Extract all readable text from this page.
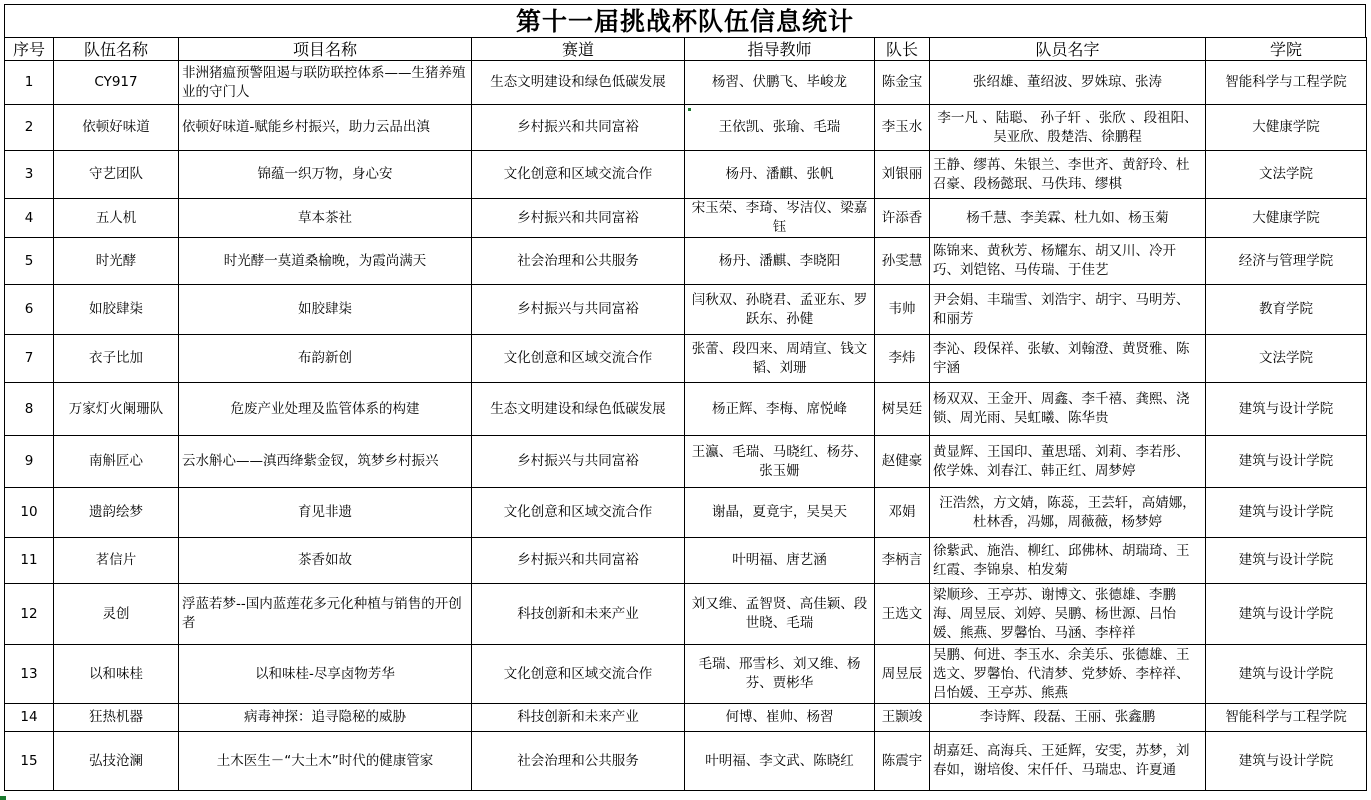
第十一届挑战杯队伍信息统计
序号	队伍名称	项目名称	赛道	指导教师	队长	队员名字	学院
1	CY917	非洲猪瘟预警阻遏与联防联控体系——生猪养殖业的守门人	生态文明建设和绿色低碳发展	杨習、伏鹏飞、毕峻龙	陈金宝	张绍雄、董绍波、罗姝琼、张涛	智能科学与工程学院
2	依顿好味道	依顿好味道-赋能乡村振兴，助力云品出滇	乡村振兴和共同富裕	王依凯、张瑜、毛瑞	李玉水	李一凡 、陆聪、 孙子轩 、张欣 、段祖阳、吴亚欣、殷楚浩、徐鹏程	大健康学院
3	守艺团队	锦蕴一织万物，身心安	文化创意和区域交流合作	杨丹、潘麒、张帆	刘银丽	王静、缪苒、朱银兰、李世齐、黄舒玲、杜召豪、段杨懿珉、马佚玮、缪棋	文法学院
4	五人机	草本茶社	乡村振兴和共同富裕	宋玉荣、李琦、岑洁仪、梁嘉钰	许添香	杨千慧、李美霖、杜九如、杨玉菊	大健康学院
5	时光酵	时光酵一莫道桑榆晚，为霞尚满天	社会治理和公共服务	杨丹、潘麒、李晓阳	孙雯慧	陈锦来、黄秋芳、杨耀东、胡又川、冷开巧、刘铠铭、马传瑞、于佳艺	经济与管理学院
6	如胶肆柒	如胶肆柒	乡村振兴与共同富裕	闫秋双、孙晓君、孟亚东、罗跃东、孙健	韦帅	尹会娟、丰瑞雪、刘浩宇、胡宇、马明芳、和丽芳	教育学院
7	衣子比加	布韵新创	文化创意和区域交流合作	张蕾、段四来、周靖宣、钱文韬、刘珊	李炜	李沁、段保祥、张敏、刘翰澄、黄贤雅、陈宇涵	文法学院
8	万家灯火阑珊队	危废产业处理及监管体系的构建	生态文明建设和绿色低碳发展	杨正辉、李梅、席悦峰	树昊廷	杨双双、王金开、周鑫、李千禧、龚熙、浇锁、周光雨、吴虹曦、陈华贵	建筑与设计学院
9	南斛匠心	云水斛心——滇西绛紫金钗，筑梦乡村振兴	乡村振兴与共同富裕	王瀛、毛瑞、马晓红、杨芬、张玉姗	赵健豪	黄显辉、王国印、董思瑶、刘莉、李若彤、侬学姝、刘春江、韩正红、周梦婷	建筑与设计学院
10	遗韵绘梦	育见非遗	文化创意和区域交流合作	谢晶，夏竟宇，吴昊天	邓娟	汪浩然，方文婧，陈蕊，王芸轩，高婧娜，杜林香，冯娜，周薇薇，杨梦婷	建筑与设计学院
11	茗信片	茶香如故	乡村振兴和共同富裕	叶明福、唐艺涵	李柄言	徐紫武、施浩、柳红、邱佛林、胡瑞琦、王红霞、李锦泉、柏发菊	建筑与设计学院
12	灵创	浮蓝若梦--国内蓝莲花多元化种植与销售的开创者	科技创新和未来产业	刘又维、孟智贤、高佳颖、段世晓、毛瑞	王选文	梁顺珍、王亭苏、谢博文、张德雄、李鹏海、周昱辰、刘婷、吴鹏、杨世源、吕怡媛、熊燕、罗馨怡、马涵、李梓祥	建筑与设计学院
13	以和味桂	以和味桂-尽享卤物芳华	文化创意和区域交流合作	毛瑞、邢雪杉、刘又维、杨芬、贾彬华	周昱辰	吴鹏、何进、李玉水、余美乐、张德雄、王选文、罗馨怡、代清梦、党梦娇、李梓祥、吕怡媛、王亭苏、熊燕	建筑与设计学院
14	狂热机器	病毒神探：追寻隐秘的威胁	科技创新和未来产业	何博、崔帅、杨習	王颢竣	李诗辉、段磊、王丽、张鑫鹏	智能科学与工程学院
15	弘技沧澜	土木医生－“大土木”时代的健康管家	社会治理和公共服务	叶明福、李文武、陈晓红	陈震宇	胡嘉廷、高海兵、王延辉，安雯，苏梦，刘春如，谢培俊、宋仟仟、马瑞忠、许夏通	建筑与设计学院
